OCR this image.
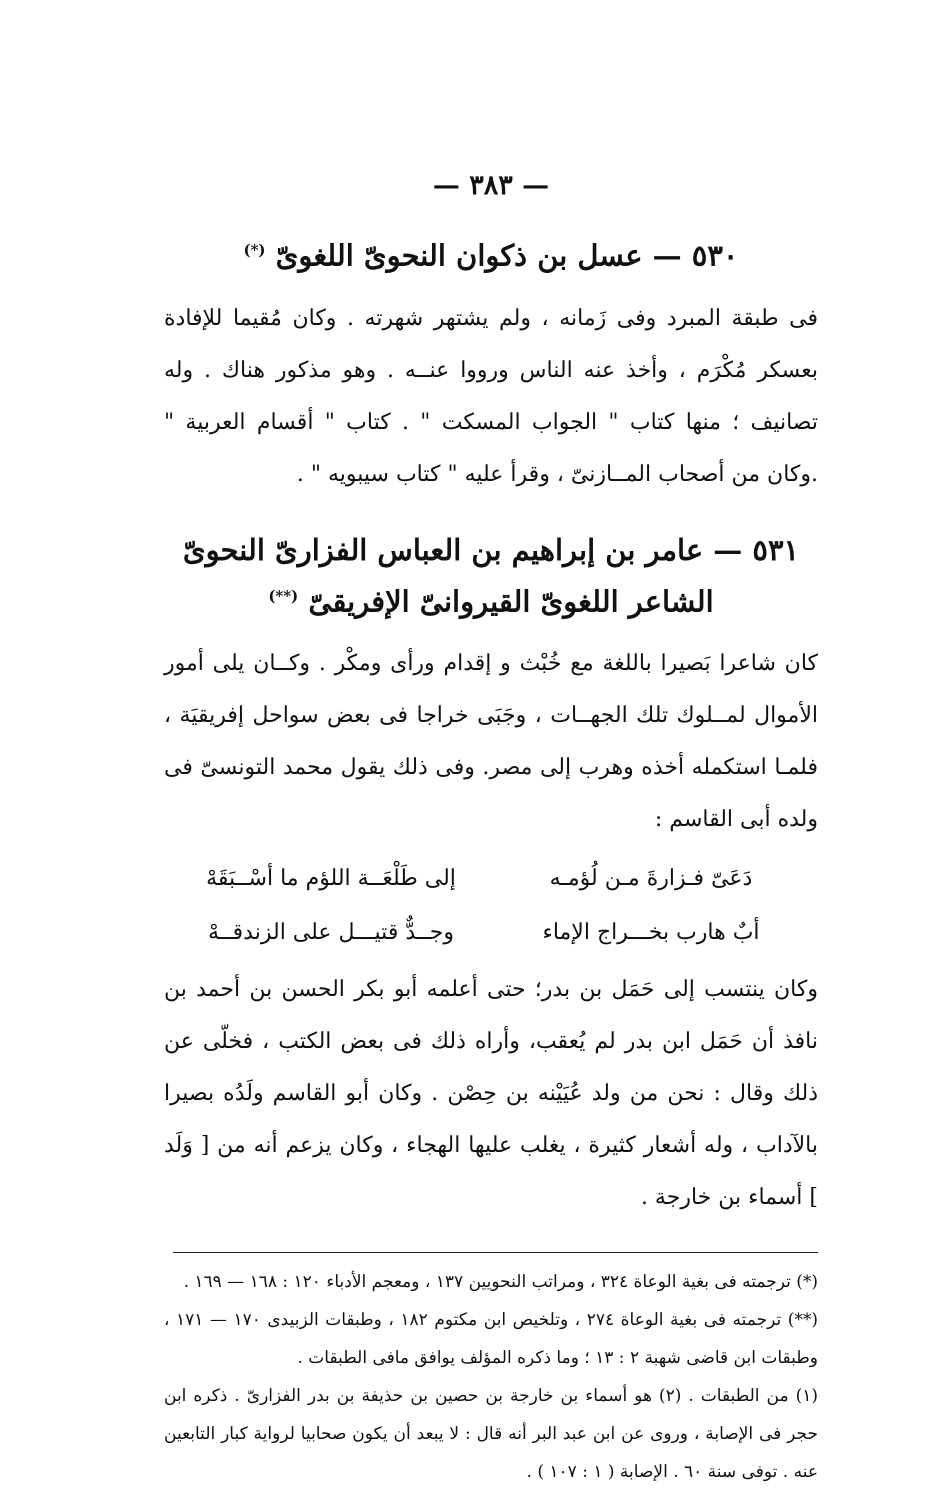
— ٣٨٣ —
٥٣٠ — عسل بن ذكوان النحوىّ اللغوىّ (*)

فى طبقة المبرد وفى زَمانه ، ولم يشتهر شهرته . وكان مُقيما للإفادة بعسكر مُكْرَم ، وأخذ عنه الناس ورووا عنــه . وهو مذكور هناك . وله تصانيف ؛ منها كتاب " الجواب المسكت " . كتاب " أقسام العربية " .وكان من أصحاب المــازنىّ ، وقرأ عليه " كتاب سيبويه " .

٥٣١ — عامر بن إبراهيم بن العباس الفزارىّ النحوىّ الشاعر اللغوىّ القيروانىّ الإفريقىّ (**)

كان شاعرا بَصيرا باللغة مع خُبْث و إقدام ورأى ومكْر . وكــان يلى أمور الأموال لمــلوك تلك الجهــات ، وجَبَى خراجا فى بعض سواحل إفريقيَة ، فلمـا استكمله أخذه وهرب إلى مصر. وفى ذلك يقول محمد التونسىّ فى ولده أبى القاسم :

دَعَىّ فـزارةَ مـن لُؤمـه
إلى طَلْعَــة اللؤم ما أسْــبَقَهْ
أبٌ هارب بخـــراج الإماء
وجــدٌّ قتيـــل على الزندقــهْ

وكان ينتسب إلى حَمَل بن بدر؛ حتى أعلمه أبو بكر الحسن بن أحمد بن نافذ أن حَمَل ابن بدر لم يُعقب، وأراه ذلك فى بعض الكتب ، فخلّى عن ذلك وقال : نحن من ولد عُيَيْنه بن حِصْن . وكان أبو القاسم ولَدُه بصيرا بالآداب ، وله أشعار كثيرة ، يغلب عليها الهجاء ، وكان يزعم أنه من [ وَلَد ] أسماء بن خارجة .

(*) ترجمته فى بغية الوعاة ٣٢٤ ، ومراتب النحويين ١٣٧ ، ومعجم الأدباء ١٢٠ : ١٦٨ — ١٦٩ .

(**) ترجمته فى بغية الوعاة ٢٧٤ ، وتلخيص ابن مكتوم ١٨٢ ، وطبقات الزبيدى ١٧٠ — ١٧١ ، وطبقات ابن قاضى شهبة ٢ : ١٣ ؛ وما ذكره المؤلف يوافق مافى الطبقات .

(١) من الطبقات . (٢) هو أسماء بن خارجة بن حصين بن حذيفة بن بدر الفزارىّ . ذكره ابن حجر فى الإصابة ، وروى عن ابن عبد البر أنه قال : لا يبعد أن يكون صحابيا لرواية كبار التابعين عنه . توفى سنة ٦٠ . الإصابة ( ١ : ١٠٧ ) .
